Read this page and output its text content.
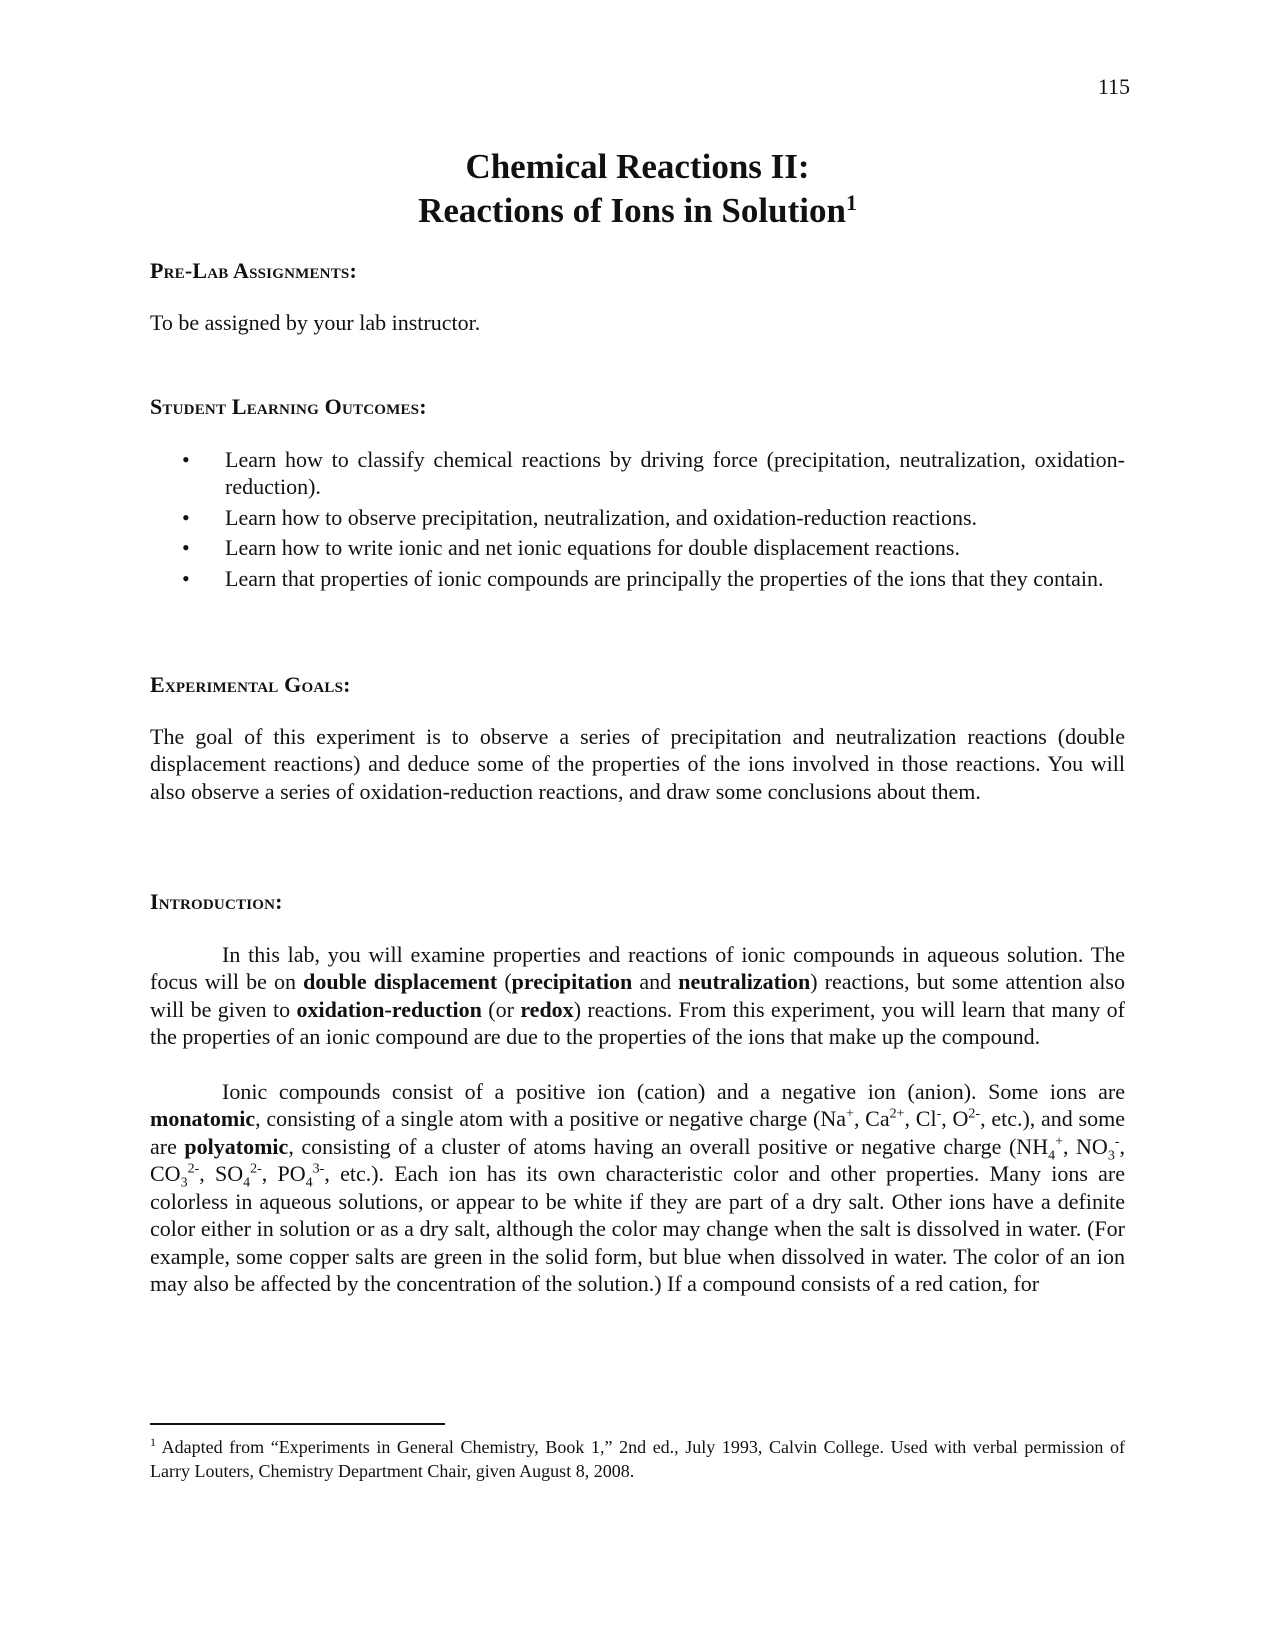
115
Chemical Reactions II:
Reactions of Ions in Solution$^1$
Pre-Lab Assignments:
To be assigned by your lab instructor.
Student Learning Outcomes:
• Learn how to classify chemical reactions by driving force (precipitation, neutralization, oxidation-reduction).
• Learn how to observe precipitation, neutralization, and oxidation-reduction reactions.
• Learn how to write ionic and net ionic equations for double displacement reactions.
• Learn that properties of ionic compounds are principally the properties of the ions that they contain.
Experimental Goals:
The goal of this experiment is to observe a series of precipitation and neutralization reactions (double displacement reactions) and deduce some of the properties of the ions involved in those reactions. You will also observe a series of oxidation-reduction reactions, and draw some conclusions about them.
Introduction:
In this lab, you will examine properties and reactions of ionic compounds in aqueous solution. The focus will be on double displacement (precipitation and neutralization) reactions, but some attention also will be given to oxidation-reduction (or redox) reactions. From this experiment, you will learn that many of the properties of an ionic compound are due to the properties of the ions that make up the compound.
Ionic compounds consist of a positive ion (cation) and a negative ion (anion). Some ions are monatomic, consisting of a single atom with a positive or negative charge (Na+, $Ca^{2+}$, Cl-, $O^{2-}$, etc.), and some are polyatomic, consisting of a cluster of atoms having an overall positive or negative charge ($NH_4^+$, $NO_3^-$, $CO_3^{2-}$, $SO_4^{2-}$, $PO_4^{3-}$, etc.). Each ion has its own characteristic color and other properties. Many ions are colorless in aqueous solutions, or appear to be white if they are part of a dry salt. Other ions have a definite color either in solution or as a dry salt, although the color may change when the salt is dissolved in water. (For example, some copper salts are green in the solid form, but blue when dissolved in water. The color of an ion may also be affected by the concentration of the solution.) If a compound consists of a red cation, for
$^1$ Adapted from “Experiments in General Chemistry, Book 1,” 2nd ed., July 1993, Calvin College. Used with verbal permission of Larry Louters, Chemistry Department Chair, given August 8, 2008.
